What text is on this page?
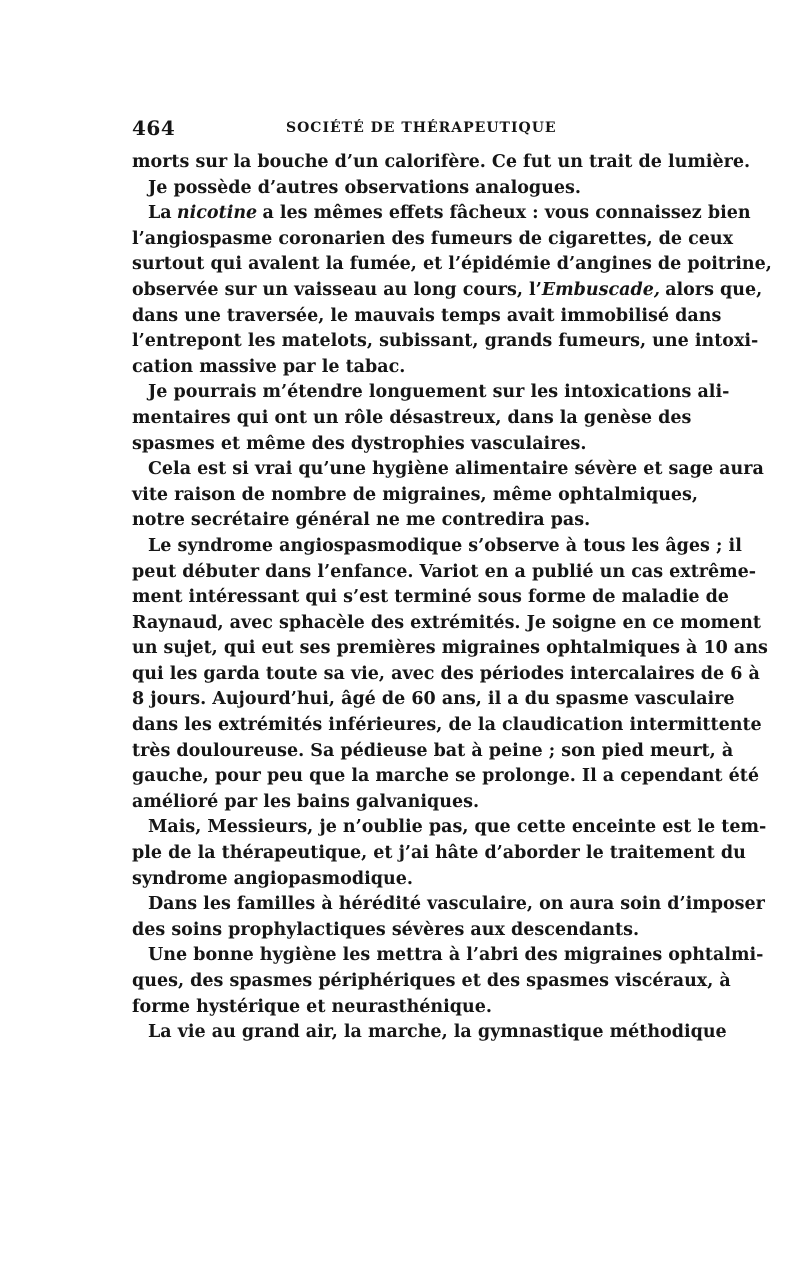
464	SOCIÉTÉ DE THÉRAPEUTIQUE
morts sur la bouche d’un calorifère. Ce fut un trait de lumière.
Je possède d’autres observations analogues.
La nicotine a les mêmes effets fâcheux : vous connaissez bien
l’angiospasme coronarien des fumeurs de cigarettes, de ceux
surtout qui avalent la fumée, et l’épidémie d’angines de poitrine,
observée sur un vaisseau au long cours, l’Embuscade, alors que,
dans une traversée, le mauvais temps avait immobilisé dans
l’entrepont les matelots, subissant, grands fumeurs, une intoxi-
cation massive par le tabac.
Je pourrais m’étendre longuement sur les intoxications ali-
mentaires qui ont un rôle désastreux, dans la genèse des
spasmes et même des dystrophies vasculaires.
Cela est si vrai qu’une hygiène alimentaire sévère et sage aura
vite raison de nombre de migraines, même ophtalmiques,
notre secrétaire général ne me contredira pas.
Le syndrome angiospasmodique s’observe à tous les âges ; il
peut débuter dans l’enfance. Variot en a publié un cas extrême-
ment intéressant qui s’est terminé sous forme de maladie de
Raynaud, avec sphacèle des extrémités. Je soigne en ce moment
un sujet, qui eut ses premières migraines ophtalmiques à 10 ans
qui les garda toute sa vie, avec des périodes intercalaires de 6 à
8 jours. Aujourd’hui, âgé de 60 ans, il a du spasme vasculaire
dans les extrémités inférieures, de la claudication intermittente
très douloureuse. Sa pédieuse bat à peine ; son pied meurt, à
gauche, pour peu que la marche se prolonge. Il a cependant été
amélioré par les bains galvaniques.
Mais, Messieurs, je n’oublie pas, que cette enceinte est le tem-
ple de la thérapeutique, et j’ai hâte d’aborder le traitement du
syndrome angiopasmodique.
Dans les familles à hérédité vasculaire, on aura soin d’imposer
des soins prophylactiques sévères aux descendants.
Une bonne hygiène les mettra à l’abri des migraines ophtalmi-
ques, des spasmes périphériques et des spasmes viscéraux, à
forme hystérique et neurasthénique.
La vie au grand air, la marche, la gymnastique méthodique
